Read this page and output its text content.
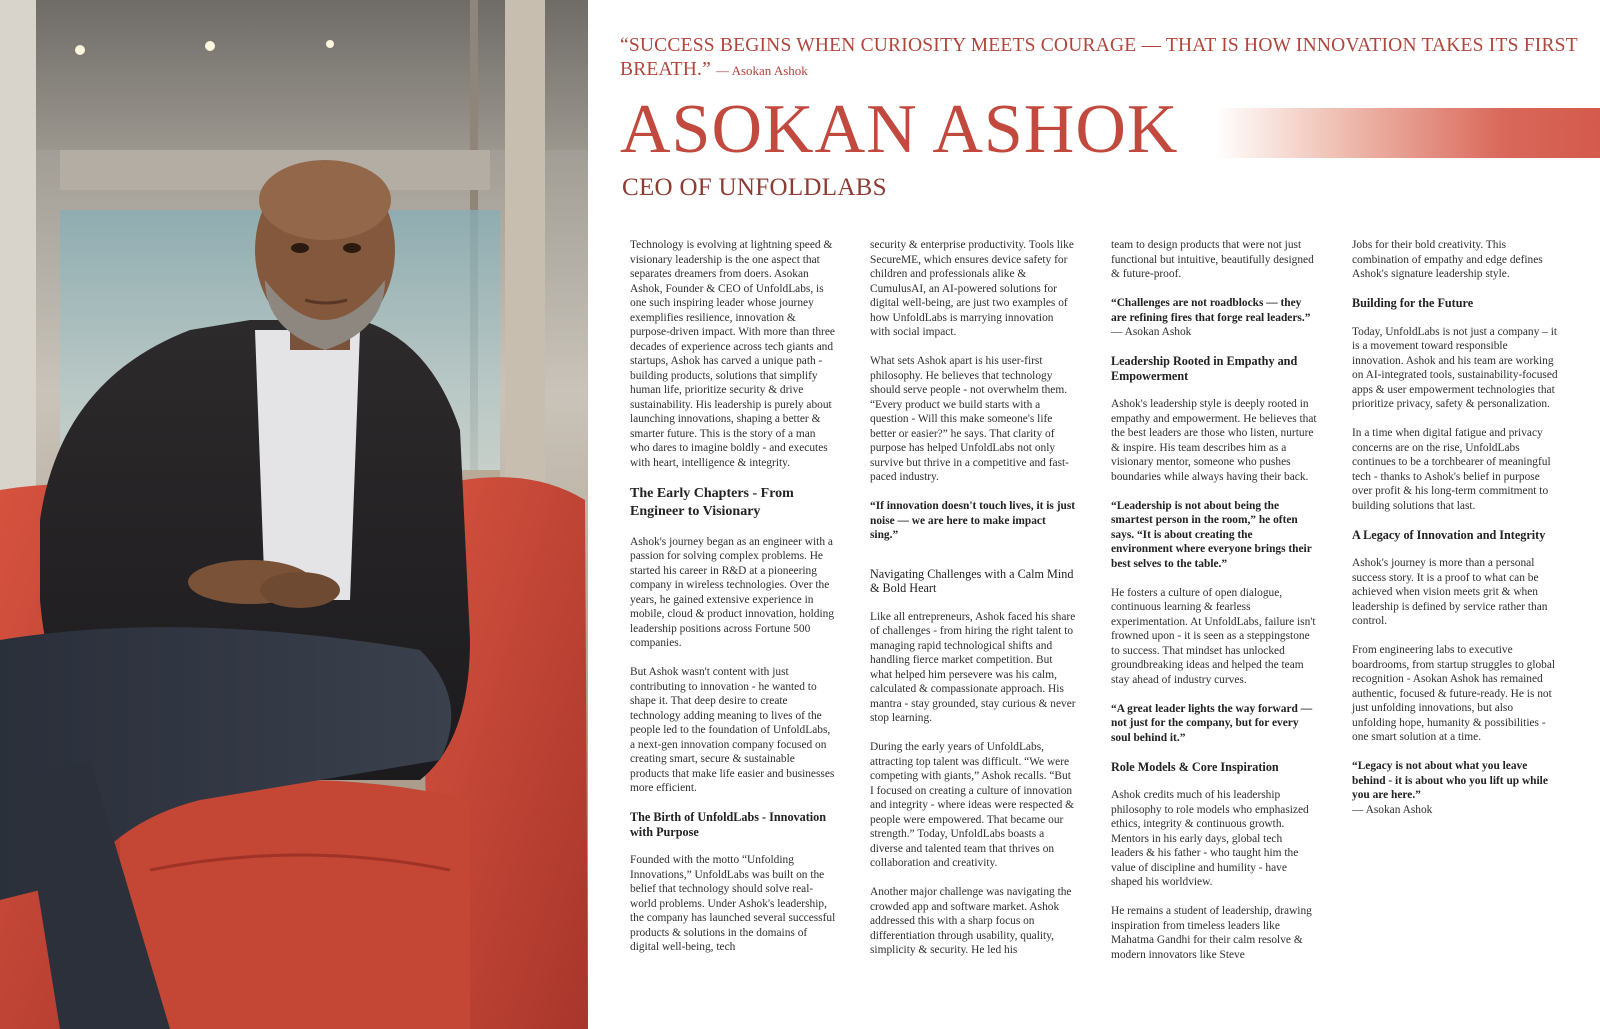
“SUCCESS BEGINS WHEN CURIOSITY MEETS COURAGE — THAT IS HOW INNOVATION TAKES ITS FIRST BREATH.” — Asokan Ashok
ASOKAN ASHOK
CEO OF UNFOLDLABS

Technology is evolving at lightning speed & visionary leadership is the one aspect that separates dreamers from doers. Asokan Ashok, Founder & CEO of UnfoldLabs, is one such inspiring leader whose journey exemplifies resilience, innovation & purpose-driven impact. With more than three decades of experience across tech giants and startups, Ashok has carved a unique path - building products, solutions that simplify human life, prioritize security & drive sustainability. His leadership is purely about launching innovations, shaping a better & smarter future. This is the story of a man who dares to imagine boldly - and executes with heart, intelligence & integrity.

The Early Chapters - From Engineer to Visionary

Ashok's journey began as an engineer with a passion for solving complex problems. He started his career in R&D at a pioneering company in wireless technologies. Over the years, he gained extensive experience in mobile, cloud & product innovation, holding leadership positions across Fortune 500 companies.

But Ashok wasn't content with just contributing to innovation - he wanted to shape it. That deep desire to create technology adding meaning to lives of the people led to the foundation of UnfoldLabs, a next-gen innovation company focused on creating smart, secure & sustainable products that make life easier and businesses more efficient.

The Birth of UnfoldLabs - Innovation with Purpose

Founded with the motto “Unfolding Innovations,” UnfoldLabs was built on the belief that technology should solve real-world problems. Under Ashok's leadership, the company has launched several successful products & solutions in the domains of digital well-being, tech

security & enterprise productivity. Tools like SecureME, which ensures device safety for children and professionals alike & CumulusAI, an AI-powered solutions for digital well-being, are just two examples of how UnfoldLabs is marrying innovation with social impact.

What sets Ashok apart is his user-first philosophy. He believes that technology should serve people - not overwhelm them. “Every product we build starts with a question - Will this make someone's life better or easier?” he says. That clarity of purpose has helped UnfoldLabs not only survive but thrive in a competitive and fast-paced industry.

“If innovation doesn't touch lives, it is just noise — we are here to make impact sing.”

Navigating Challenges with a Calm Mind & Bold Heart

Like all entrepreneurs, Ashok faced his share of challenges - from hiring the right talent to managing rapid technological shifts and handling fierce market competition. But what helped him persevere was his calm, calculated & compassionate approach. His mantra - stay grounded, stay curious & never stop learning.

During the early years of UnfoldLabs, attracting top talent was difficult. “We were competing with giants,” Ashok recalls. “But I focused on creating a culture of innovation and integrity - where ideas were respected & people were empowered. That became our strength.” Today, UnfoldLabs boasts a diverse and talented team that thrives on collaboration and creativity.

Another major challenge was navigating the crowded app and software market. Ashok addressed this with a sharp focus on differentiation through usability, quality, simplicity & security. He led his

team to design products that were not just functional but intuitive, beautifully designed & future-proof.

“Challenges are not roadblocks — they are refining fires that forge real leaders.”

— Asokan Ashok

Leadership Rooted in Empathy and Empowerment

Ashok's leadership style is deeply rooted in empathy and empowerment. He believes that the best leaders are those who listen, nurture & inspire. His team describes him as a visionary mentor, someone who pushes boundaries while always having their back.

“Leadership is not about being the smartest person in the room,” he often says. “It is about creating the environment where everyone brings their best selves to the table.”

He fosters a culture of open dialogue, continuous learning & fearless experimentation. At UnfoldLabs, failure isn't frowned upon - it is seen as a steppingstone to success. That mindset has unlocked groundbreaking ideas and helped the team stay ahead of industry curves.

“A great leader lights the way forward — not just for the company, but for every soul behind it.”

Role Models & Core Inspiration

Ashok credits much of his leadership philosophy to role models who emphasized ethics, integrity & continuous growth. Mentors in his early days, global tech leaders & his father - who taught him the value of discipline and humility - have shaped his worldview.

He remains a student of leadership, drawing inspiration from timeless leaders like Mahatma Gandhi for their calm resolve & modern innovators like Steve

Jobs for their bold creativity. This combination of empathy and edge defines Ashok's signature leadership style.

Building for the Future

Today, UnfoldLabs is not just a company – it is a movement toward responsible innovation. Ashok and his team are working on AI-integrated tools, sustainability-focused apps & user empowerment technologies that prioritize privacy, safety & personalization.

In a time when digital fatigue and privacy concerns are on the rise, UnfoldLabs continues to be a torchbearer of meaningful tech - thanks to Ashok's belief in purpose over profit & his long-term commitment to building solutions that last.

A Legacy of Innovation and Integrity

Ashok's journey is more than a personal success story. It is a proof to what can be achieved when vision meets grit & when leadership is defined by service rather than control.

From engineering labs to executive boardrooms, from startup struggles to global recognition - Asokan Ashok has remained authentic, focused & future-ready. He is not just unfolding innovations, but also unfolding hope, humanity & possibilities - one smart solution at a time.

“Legacy is not about what you leave behind - it is about who you lift up while you are here.”

— Asokan Ashok
